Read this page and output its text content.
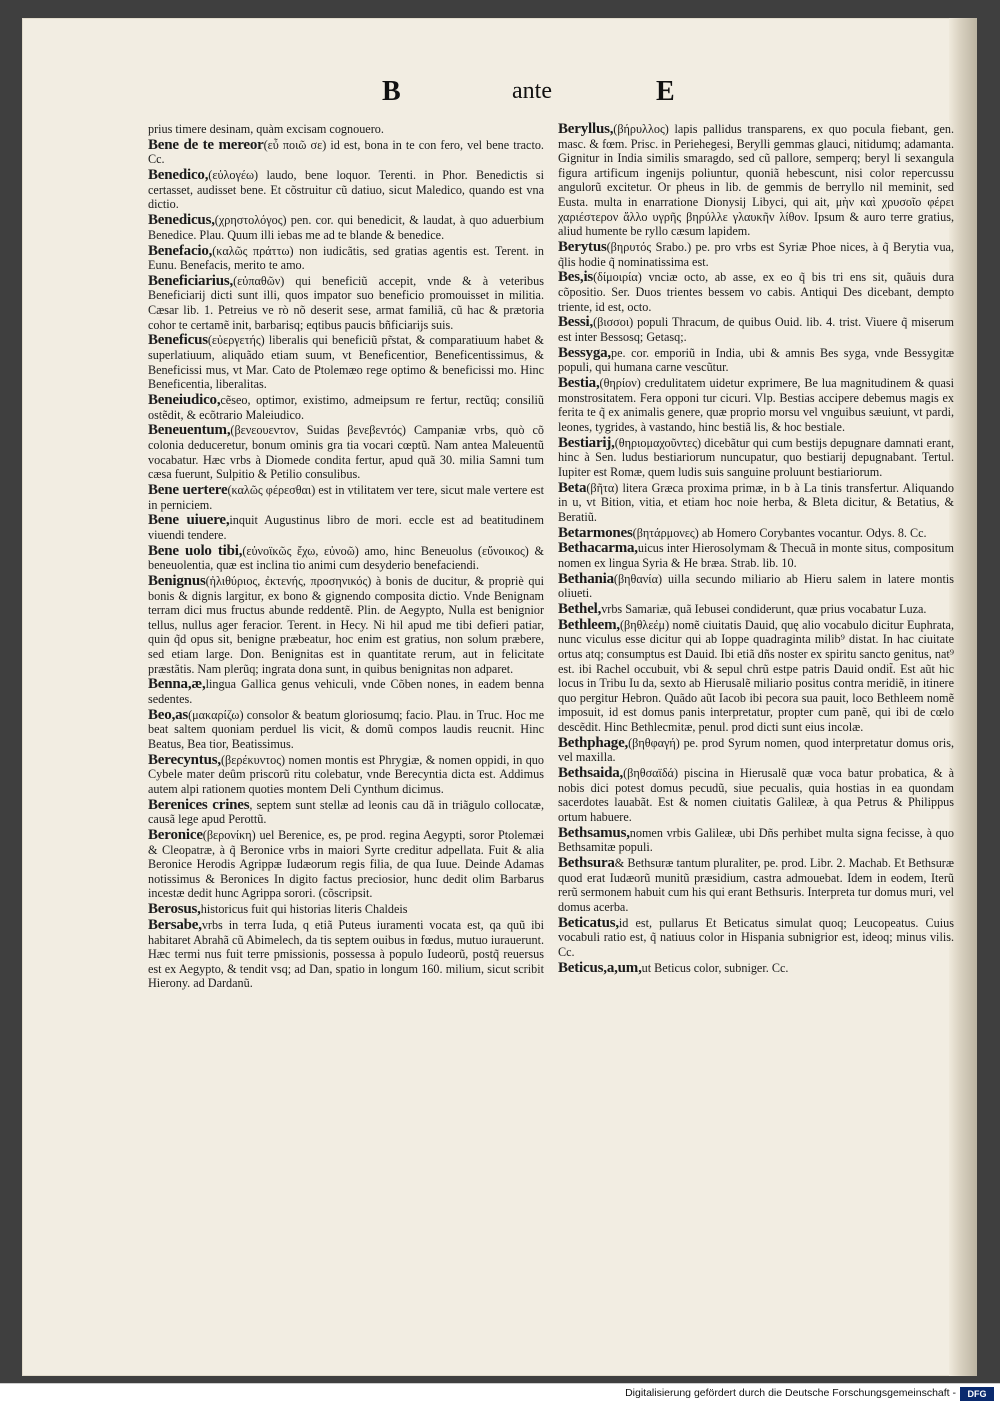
B	ante	E

prius timere desinam, quàm excisam cognouero.

Bene de te mereor(εὖ ποιῶ σε) id est, bona in te con fero, vel bene tracto. Cc.

Benedico,(εὐλογέω) laudo, bene loquor. Terenti. in Phor. Benedictis si certasset, audisset bene. Et cõstruitur cũ datiuo, sicut Maledico, quando est vna dictio.

Benedicus,(χρηστολόγος) pen. cor. qui benedicit, & laudat, à quo aduerbium Benedice. Plau. Quum illi iebas me ad te blande & benedice.

Benefacio,(καλῶς πράττω) non iudicãtis, sed gratias agentis est. Terent. in Eunu. Benefacis, merito te amo.

Beneficiarius,(εὐπαθῶν) qui beneficiũ accepit, vnde & à veteribus Beneficiarij dicti sunt illi, quos impator suo beneficio promouisset in militia. Cæsar lib. 1. Petreius ve rò nõ deserit sese, armat familiã, cũ hac & prætoria cohor te certamẽ init, barbarisq; eqtibus paucis bñficiarijs suis.

Beneficus(εὐεργετής) liberalis qui beneficiũ pr̃stat, & comparatiuum habet & superlatiuum, aliquãdo etiam suum, vt Beneficentior, Beneficentissimus, & Beneficissi mus, vt Mar. Cato de Ptolemæo rege optimo & beneficissi mo. Hinc Beneficentia, liberalitas.

Beneiudico,cẽseo, optimor, existimo, admeipsum re fertur, rectũq; consiliũ ostẽdit, & ecõtrario Maleiudico.

Beneuentum,(βενεουεντον, Suidas βενεβεντός) Campaniæ vrbs, quò cõ colonia deduceretur, bonum ominis gra tia vocari cœptũ. Nam antea Maleuentũ vocabatur. Hæc vrbs à Diomede condita fertur, apud quã 30. milia Samni tum cæsa fuerunt, Sulpitio & Petilio consulibus.

Bene uertere(καλῶς φέρεσθαι) est in vtilitatem ver tere, sicut male vertere est in perniciem.

Bene uiuere,inquit Augustinus libro de mori. eccle est ad beatitudinem viuendi tendere.

Bene uolo tibi,(εὐνοϊκῶς ἔχω, εὐνοῶ) amo, hinc Beneuolus (εὔνοικος) & beneuolentia, quæ est inclina tio animi cum desyderio benefaciendi.

Benignus(ἠλιθύριος, ἐκτενής, προσηνικός) à bonis de ducitur, & propriè qui bonis & dignis largitur, ex bono & gignendo composita dictio. Vnde Benignam terram dici mus fructus abunde reddentẽ. Plin. de Aegypto, Nulla est benignior tellus, nullus ager feracior. Terent. in Hecy. Ni hil apud me tibi defieri patiar, quin q̃d opus sit, benigne præbeatur, hoc enim est gratius, non solum præbere, sed etiam large. Don. Benignitas est in quantitate rerum, aut in felicitate præstãtis. Nam plerũq; ingrata dona sunt, in quibus benignitas non adparet.

Benna,æ,lingua Gallica genus vehiculi, vnde Cõben nones, in eadem benna sedentes.

Beo,as(μακαρίζω) consolor & beatum gloriosumq; facio. Plau. in Truc. Hoc me beat saltem quoniam perduel lis vicit, & domũ compos laudis reucnit. Hinc Beatus, Bea tior, Beatissimus.

Berecyntus,(βερέκυντος) nomen montis est Phrygiæ, & nomen oppidi, in quo Cybele mater deûm priscorũ ritu colebatur, vnde Berecyntia dicta est. Addimus autem alpi rationem quoties montem Deli Cynthum dicimus.

Berenices crines, septem sunt stellæ ad leonis cau dã in triãgulo collocatæ, causã lege apud Perottũ.

Beronice(βερονίκη) uel Berenice, es, pe prod. regina Aegypti, soror Ptolemæi & Cleopatræ, à q̃ Beronice vrbs in maiori Syrte creditur adpellata. Fuit & alia Beronice Herodis Agrippæ Iudæorum regis filia, de qua Iuue. Deinde Adamas notissimus & Beronices In digito factus preciosior, hunc dedit olim Barbarus incestæ dedit hunc Agrippa sorori. (cõscripsit.

Berosus,historicus fuit qui historias literis Chaldeis

Bersabe,vrbs in terra Iuda, q etiã Puteus iuramenti vocata est, qa quũ ibi habitaret Abrahã cũ Abimelech, da tis septem ouibus in fœdus, mutuo iurauerunt. Hæc termi nus fuit terre pmissionis, possessa à populo Iudeorũ, postq̃ reuersus est ex Aegypto, & tendit vsq; ad Dan, spatio in longum 160. milium, sicut scribit Hierony. ad Dardanũ.

Beryllus,(βήρυλλος) lapis pallidus transparens, ex quo pocula fiebant, gen. masc. & fœm. Prisc. in Periehegesi, Berylli gemmas glauci, nitidumq; adamanta. Gignitur in India similis smaragdo, sed cũ pallore, semperq; beryl li sexangula figura artificum ingenijs poliuntur, quoniã hebescunt, nisi color repercussu angulorũ excitetur. Or pheus in lib. de gemmis de berryllo nil meminit, sed Eusta. multa in enarratione Dionysij Libyci, qui ait, μὴν καὶ χρυσοῖο φέρει χαριέστερον ἄλλο υγρῆς βηρύλλε γλαυκῆν λίθον. Ipsum & auro terre gratius, aliud humente be ryllo cæsum lapidem.

Berytus(βηρυτός Srabo.) pe. pro vrbs est Syriæ Phoe nices, à q̃ Berytia vua, q̃lis hodie q̃ nominatissima est.

Bes,is(δίμοιρία) vnciæ octo, ab asse, ex eo q̃ bis tri ens sit, quãuis dura cõpositio. Ser. Duos trientes bessem vo cabis. Antiqui Des dicebant, dempto triente, id est, octo.

Bessi,(βισσοι) populi Thracum, de quibus Ouid. lib. 4. trist. Viuere q̃ miserum est inter Bessosq; Getasq;.

Bessyga,pe. cor. emporiũ in India, ubi & amnis Bes syga, vnde Bessygitæ populi, qui humana carne vescũtur.

Bestia,(θηρίον) credulitatem uidetur exprimere, Be lua magnitudinem & quasi monstrositatem. Fera opponi tur cicuri. Vlp. Bestias accipere debemus magis ex ferita te q̃ ex animalis genere, quæ proprio morsu vel vnguibus sæuiunt, vt pardi, leones, tygrides, à vastando, hinc bestiã lis, & hoc bestiale.

Bestiarij,(θηριομαχοῦντες) dicebãtur qui cum bestijs depugnare damnati erant, hinc à Sen. ludus bestiariorum nuncupatur, quo bestiarij depugnabant. Tertul. Iupiter est Romæ, quem ludis suis sanguine proluunt bestiariorum.

Beta(βῆτα) litera Græca proxima primæ, in b à La tinis transfertur. Aliquando in u, vt Bition, vitia, et etiam hoc noie herba, & Bleta dicitur, & Betatius, & Beratiũ.

Betarmones(βητάρμονες) ab Homero Corybantes vocantur. Odys. 8. Cc.

Bethacarma,uicus inter Hierosolymam & Thecuã in monte situs, compositum nomen ex lingua Syria & He bræa. Strab. lib. 10.

Bethania(βηθανία) uilla secundo miliario ab Hieru salem in latere montis oliueti.

Bethel,vrbs Samariæ, quã Iebusei condiderunt, quæ prius vocabatur Luza.

Bethleem,(βηθλεέμ) nomẽ ciuitatis Dauid, quę alio vocabulo dicitur Euphrata, nunc viculus esse dicitur qui ab Ioppe quadraginta milib⁹ distat. In hac ciuitate ortus atq; consumptus est Dauid. Ibi etiã dñs noster ex spiritu sancto genitus, nat⁹ est. ibi Rachel occubuit, vbi & sepul chrũ estpe patris Dauid ondit̃. Est aũt hic locus in Tribu Iu da, sexto ab Hierusalẽ miliario positus contra meridiẽ, in itinere quo pergitur Hebron. Quãdo aũt Iacob ibi pecora sua pauit, loco Bethleem nomẽ imposuit, id est domus panis interpretatur, propter cum panẽ, qui ibi de cœlo descẽdit. Hinc Bethlecmitæ, penul. prod dicti sunt eius incolæ.

Bethphage,(βηθφαγή) pe. prod Syrum nomen, quod interpretatur domus oris, vel maxilla.

Bethsaida,(βηθσαϊδά) piscina in Hierusalẽ quæ voca batur probatica, & à nobis dici potest domus pecudũ, siue pecualis, quia hostias in ea quondam sacerdotes lauabãt. Est & nomen ciuitatis Galileæ, à qua Petrus & Philippus ortum habuere.

Bethsamus,nomen vrbis Galileæ, ubi Dñs perhibet multa signa fecisse, à quo Bethsamitæ populi.

Bethsura& Bethsuræ tantum pluraliter, pe. prod. Libr. 2. Machab. Et Bethsuræ quod erat Iudæorũ munitũ præsidium, castra admouebat. Idem in eodem, Iterũ rerũ sermonem habuit cum his qui erant Bethsuris. Interpreta tur domus muri, vel domus acerba.

Beticatus,id est, pullarus Et Beticatus simulat quoq; Leucopeatus. Cuius vocabuli ratio est, q̃ natiuus color in Hispania subnigrior est, ideoq; minus vilis. Cc.

Beticus,a,um,ut Beticus color, subniger. Cc.

Digitalisierung gefördert durch die Deutsche Forschungsgemeinschaft -	DFG
